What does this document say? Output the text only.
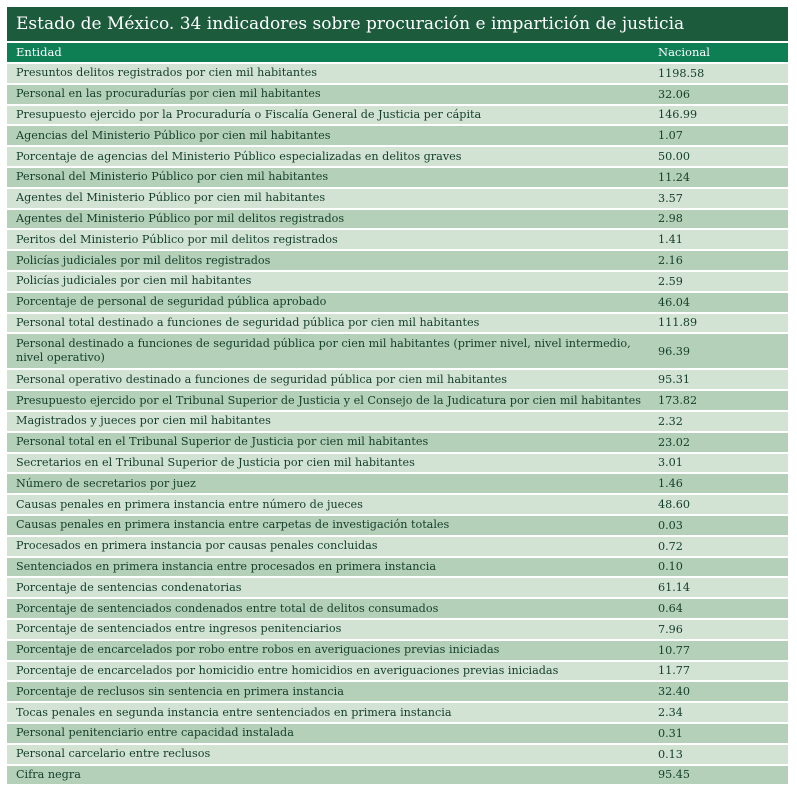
Estado de México. 34 indicadores sobre procuración e impartición de justicia
Entidad	Nacional
Presuntos delitos registrados por cien mil habitantes	1198.58
Personal en las procuradurías por cien mil habitantes	32.06
Presupuesto ejercido por la Procuraduría o Fiscalía General de Justicia per cápita	146.99
Agencias del Ministerio Público por cien mil habitantes	1.07
Porcentaje de agencias del Ministerio Público especializadas en delitos graves	50.00
Personal del Ministerio Público por cien mil habitantes	11.24
Agentes del Ministerio Público por cien mil habitantes	3.57
Agentes del Ministerio Público por mil delitos registrados	2.98
Peritos del Ministerio Público por mil delitos registrados	1.41
Policías judiciales por mil delitos registrados	2.16
Policías judiciales por cien mil habitantes	2.59
Porcentaje de personal de seguridad pública aprobado	46.04
Personal total destinado a funciones de seguridad pública por cien mil habitantes	111.89
Personal destinado a funciones de seguridad pública por cien mil habitantes (primer nivel, nivel intermedio, nivel operativo)	96.39
Personal operativo destinado a funciones de seguridad pública por cien mil habitantes	95.31
Presupuesto ejercido por el Tribunal Superior de Justicia y el Consejo de la Judicatura por cien mil habitantes	173.82
Magistrados y jueces por cien mil habitantes	2.32
Personal total en el Tribunal Superior de Justicia por cien mil habitantes	23.02
Secretarios en el Tribunal Superior de Justicia por cien mil habitantes	3.01
Número de secretarios por juez	1.46
Causas penales en primera instancia entre número de jueces	48.60
Causas penales en primera instancia entre carpetas de investigación totales	0.03
Procesados en primera instancia por causas penales concluidas	0.72
Sentenciados en primera instancia entre procesados en primera instancia	0.10
Porcentaje de sentencias condenatorias	61.14
Porcentaje de sentenciados condenados entre total de delitos consumados	0.64
Porcentaje de sentenciados entre ingresos penitenciarios	7.96
Porcentaje de encarcelados por robo entre robos en averiguaciones previas iniciadas	10.77
Porcentaje de encarcelados por homicidio entre homicidios en averiguaciones previas iniciadas	11.77
Porcentaje de reclusos sin sentencia en primera instancia	32.40
Tocas penales en segunda instancia entre sentenciados en primera instancia	2.34
Personal penitenciario entre capacidad instalada	0.31
Personal carcelario entre reclusos	0.13
Cifra negra	95.45
